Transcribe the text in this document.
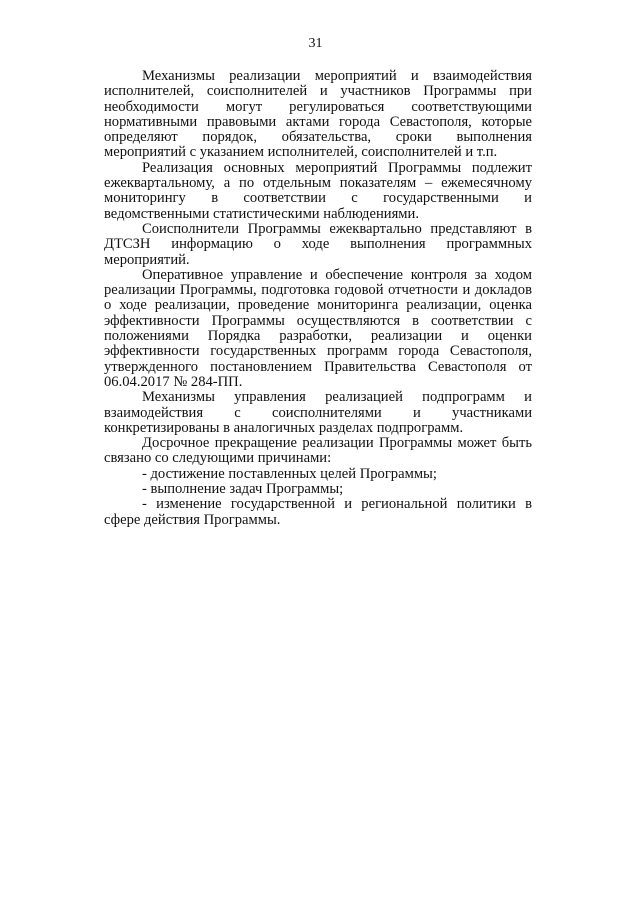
31

Механизмы реализации мероприятий и взаимодействия исполнителей, соисполнителей и участников Программы при необходимости могут регулироваться соответствующими нормативными правовыми актами города Севастополя, которые определяют порядок, обязательства, сроки выполнения мероприятий с указанием исполнителей, соисполнителей и т.п.

Реализация основных мероприятий Программы подлежит ежеквартальному, а по отдельным показателям – ежемесячному мониторингу в соответствии с государственными и ведомственными статистическими наблюдениями.

Соисполнители Программы ежеквартально представляют в ДТСЗН информацию о ходе выполнения программных мероприятий.

Оперативное управление и обеспечение контроля за ходом реализации Программы, подготовка годовой отчетности и докладов о ходе реализации, проведение мониторинга реализации, оценка эффективности Программы осуществляются в соответствии с положениями Порядка разработки, реализации и оценки эффективности государственных программ города Севастополя, утвержденного постановлением Правительства Севастополя от 06.04.2017 № 284-ПП.

Механизмы управления реализацией подпрограмм и взаимодействия с соисполнителями и участниками конкретизированы в аналогичных разделах подпрограмм.

Досрочное прекращение реализации Программы может быть связано со следующими причинами:

- достижение поставленных целей Программы;

- выполнение задач Программы;

- изменение государственной и региональной политики в сфере действия Программы.
